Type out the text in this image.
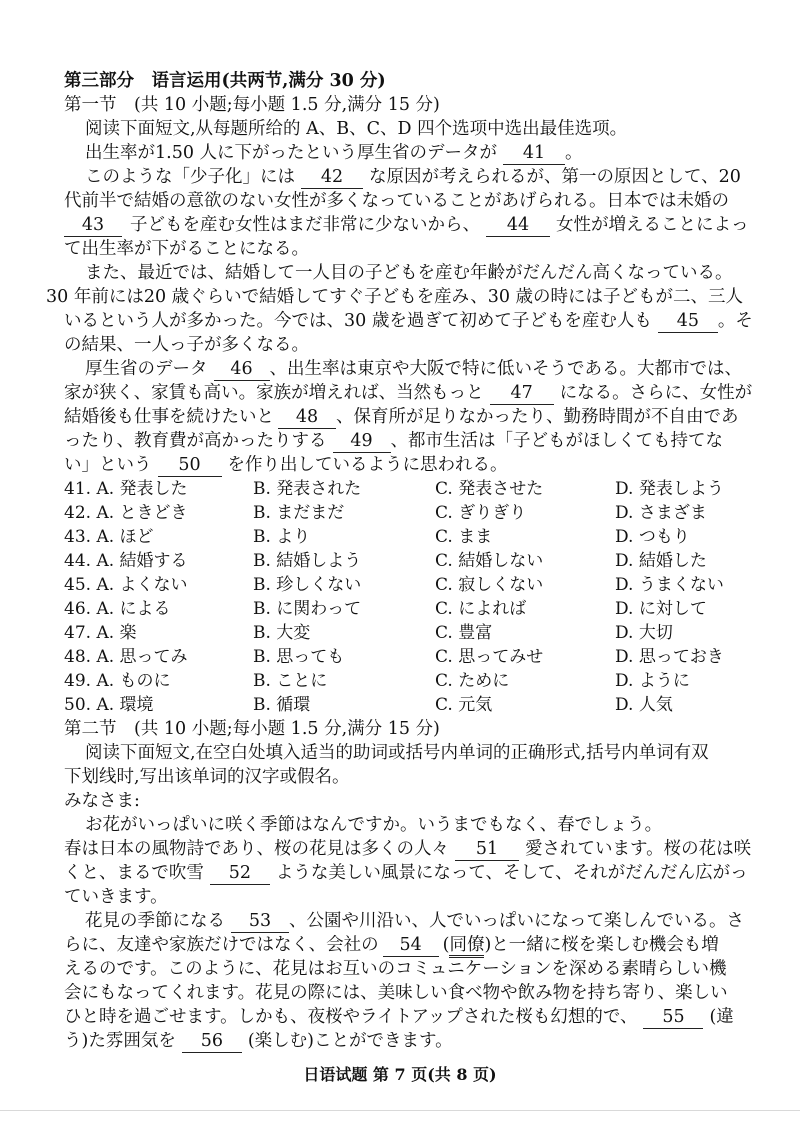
第三部分　语言运用(共两节,满分 30 分)
第一节　(共 10 小题;每小题 1.5 分,满分 15 分)
阅读下面短文,从每题所给的 A、B、C、D 四个选项中选出最佳选项。
出生率が1.50 人に下がったという厚生省のデータが 41 。
このような「少子化」には 42 な原因が考えられるが、第一の原因として、20
代前半で結婚の意欲のない女性が多くなっていることがあげられる。日本では未婚の
43 子どもを産む女性はまだ非常に少ないから、 44 女性が増えることによっ
て出生率が下がることになる。
また、最近では、結婚して一人目の子どもを産む年齢がだんだん高くなっている。
30 年前には20 歳ぐらいで結婚してすぐ子どもを産み、30 歳の時には子どもが二、三人
いるという人が多かった。今では、30 歳を過ぎて初めて子どもを産む人も 45 。そ
の結果、一人っ子が多くなる。
厚生省のデータ 46 、出生率は東京や大阪で特に低いそうである。大都市では、
家が狭く、家賃も高い。家族が増えれば、当然もっと 47 になる。さらに、女性が
結婚後も仕事を続けたいと 48 、保育所が足りなかったり、勤務時間が不自由であ
ったり、教育費が高かったりする 49 、都市生活は「子どもがほしくても持てな
い」という 50 を作り出しているように思われる。
41. A. 発表した	B. 発表された	C. 発表させた	D. 発表しよう
42. A. ときどき	B. まだまだ	C. ぎりぎり	D. さまざま
43. A. ほど	B. より	C. まま	D. つもり
44. A. 結婚する	B. 結婚しよう	C. 結婚しない	D. 結婚した
45. A. よくない	B. 珍しくない	C. 寂しくない	D. うまくない
46. A. による	B. に関わって	C. によれば	D. に対して
47. A. 楽	B. 大変	C. 豊富	D. 大切
48. A. 思ってみ	B. 思っても	C. 思ってみせ	D. 思っておき
49. A. ものに	B. ことに	C. ために	D. ように
50. A. 環境	B. 循環	C. 元気	D. 人気
第二节　(共 10 小题;每小题 1.5 分,满分 15 分)
阅读下面短文,在空白处填入适当的助词或括号内单词的正确形式,括号内单词有双
下划线时,写出该单词的汉字或假名。
みなさま:
お花がいっぱいに咲く季節はなんですか。いうまでもなく、春でしょう。
春は日本の風物詩であり、桜の花見は多くの人々 51 愛されています。桜の花は咲
くと、まるで吹雪 52 ような美しい風景になって、そして、それがだんだん広がっ
ていきます。
花見の季節になる 53 、公園や川沿い、人でいっぱいになって楽しんでいる。さ
らに、友達や家族だけではなく、会社の 54 (同僚)と一緒に桜を楽しむ機会も増
えるのです。このように、花見はお互いのコミュニケーションを深める素晴らしい機
会にもなってくれます。花見の際には、美味しい食べ物や飲み物を持ち寄り、楽しい
ひと時を過ごせます。しかも、夜桜やライトアップされた桜も幻想的で、 55 (違
う)た雰囲気を 56 (楽しむ)ことができます。
日语试题 第 7 页(共 8 页)
